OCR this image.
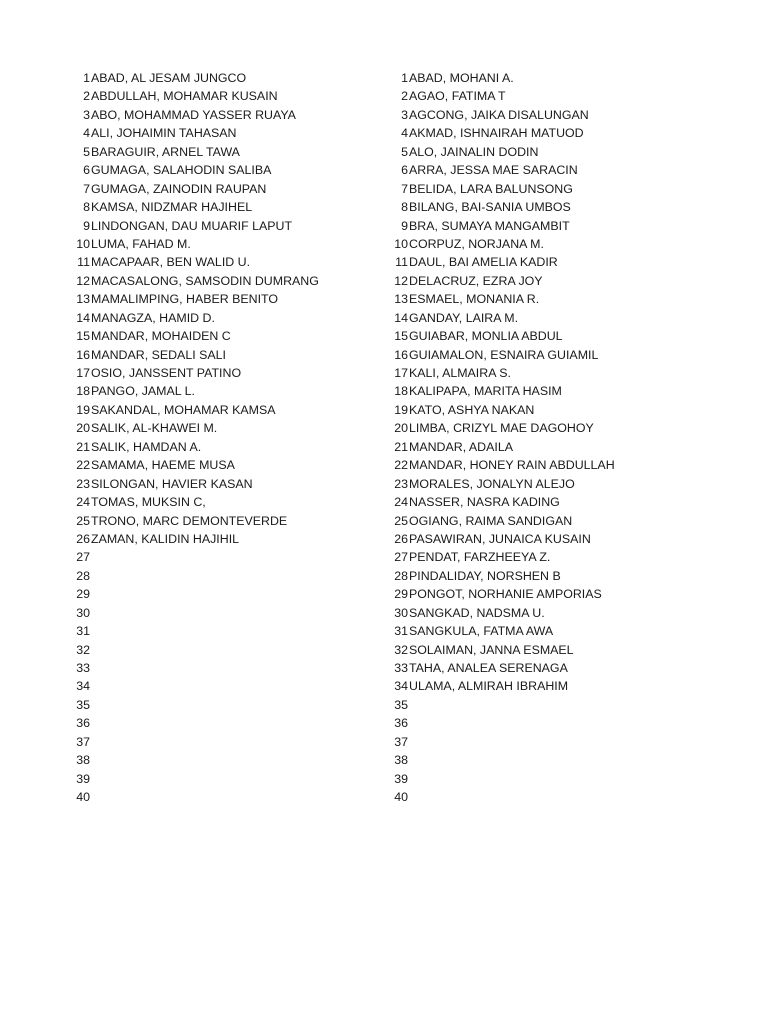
1 ABAD, AL JESAM JUNGCO
2 ABDULLAH, MOHAMAR KUSAIN
3 ABO, MOHAMMAD YASSER RUAYA
4 ALI, JOHAIMIN TAHASAN
5 BARAGUIR, ARNEL TAWA
6 GUMAGA, SALAHODIN SALIBA
7 GUMAGA, ZAINODIN RAUPAN
8 KAMSA, NIDZMAR HAJIHEL
9 LINDONGAN, DAU MUARIF LAPUT
10 LUMA, FAHAD M.
11 MACAPAAR, BEN WALID U.
12 MACASALONG, SAMSODIN DUMRANG
13 MAMALIMPING, HABER BENITO
14 MANAGZA, HAMID D.
15 MANDAR, MOHAIDEN C
16 MANDAR, SEDALI SALI
17 OSIO, JANSSENT PATINO
18 PANGO, JAMAL L.
19 SAKANDAL, MOHAMAR KAMSA
20 SALIK, AL-KHAWEI M.
21 SALIK, HAMDAN A.
22 SAMAMA, HAEME MUSA
23 SILONGAN, HAVIER KASAN
24 TOMAS, MUKSIN C,
25 TRONO, MARC DEMONTEVERDE
26 ZAMAN, KALIDIN HAJIHIL
27
28
29
30
31
32
33
34
35
36
37
38
39
40
1 ABAD, MOHANI A.
2 AGAO, FATIMA T
3 AGCONG, JAIKA DISALUNGAN
4 AKMAD, ISHNAIRAH MATUOD
5 ALO, JAINALIN DODIN
6 ARRA, JESSA MAE SARACIN
7 BELIDA, LARA BALUNSONG
8 BILANG, BAI-SANIA UMBOS
9 BRA, SUMAYA MANGAMBIT
10 CORPUZ, NORJANA M.
11 DAUL, BAI AMELIA KADIR
12 DELACRUZ, EZRA JOY
13 ESMAEL, MONANIA R.
14 GANDAY, LAIRA M.
15 GUIABAR, MONLIA ABDUL
16 GUIAMALON, ESNAIRA GUIAMIL
17 KALI, ALMAIRA S.
18 KALIPAPA, MARITA HASIM
19 KATO, ASHYA NAKAN
20 LIMBA, CRIZYL MAE DAGOHOY
21 MANDAR, ADAILA
22 MANDAR, HONEY RAIN ABDULLAH
23 MORALES, JONALYN ALEJO
24 NASSER, NASRA KADING
25 OGIANG, RAIMA SANDIGAN
26 PASAWIRAN, JUNAICA KUSAIN
27 PENDAT, FARZHEEYA Z.
28 PINDALIDAY, NORSHEN B
29 PONGOT, NORHANIE AMPORIAS
30 SANGKAD, NADSMA U.
31 SANGKULA, FATMA AWA
32 SOLAIMAN, JANNA ESMAEL
33 TAHA, ANALEA SERENAGA
34 ULAMA, ALMIRAH IBRAHIM
35
36
37
38
39
40
